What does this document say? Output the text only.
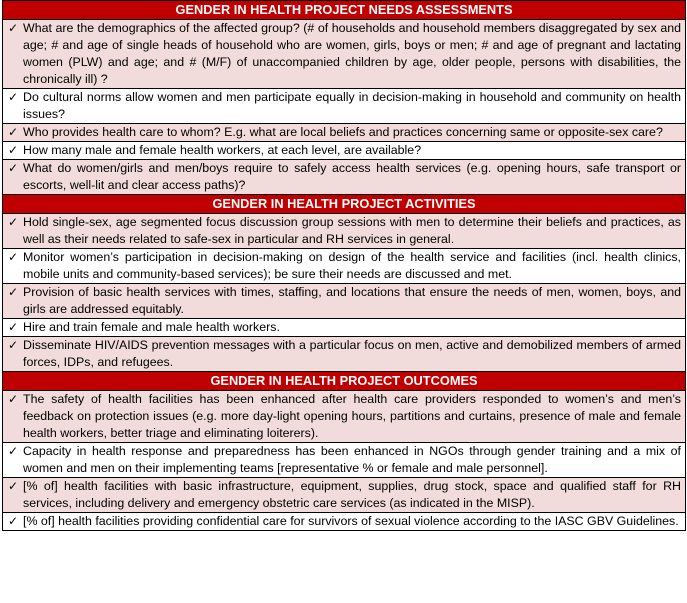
GENDER IN HEALTH PROJECT NEEDS ASSESSMENTS
✓ What are the demographics of the affected group? (# of households and household members disaggregated by sex and age; # and age of single heads of household who are women, girls, boys or men; # and age of pregnant and lactating women (PLW) and age; and # (M/F) of unaccompanied children by age, older people, persons with disabilities, the chronically ill) ?
✓ Do cultural norms allow women and men participate equally in decision-making in household and community on health issues?
✓ Who provides health care to whom? E.g. what are local beliefs and practices concerning same or opposite-sex care?
✓ How many male and female health workers, at each level, are available?
✓ What do women/girls and men/boys require to safely access health services (e.g. opening hours, safe transport or escorts, well-lit and clear access paths)?
GENDER IN HEALTH PROJECT ACTIVITIES
✓ Hold single-sex, age segmented focus discussion group sessions with men to determine their beliefs and practices, as well as their needs related to safe-sex in particular and RH services in general.
✓ Monitor women’s participation in decision-making on design of the health service and facilities (incl. health clinics, mobile units and community-based services); be sure their needs are discussed and met.
✓ Provision of basic health services with times, staffing, and locations that ensure the needs of men, women, boys, and girls are addressed equitably.
✓ Hire and train female and male health workers.
✓ Disseminate HIV/AIDS prevention messages with a particular focus on men, active and demobilized members of armed forces, IDPs, and refugees.
GENDER IN HEALTH PROJECT OUTCOMES
✓ The safety of health facilities has been enhanced after health care providers responded to women’s and men’s feedback on protection issues (e.g. more day-light opening hours, partitions and curtains, presence of male and female health workers, better triage and eliminating loiterers).
✓ Capacity in health response and preparedness has been enhanced in NGOs through gender training and a mix of women and men on their implementing teams [representative % or female and male personnel].
✓ [% of] health facilities with basic infrastructure, equipment, supplies, drug stock, space and qualified staff for RH services, including delivery and emergency obstetric care services (as indicated in the MISP).
✓ [% of] health facilities providing confidential care for survivors of sexual violence according to the IASC GBV Guidelines.
